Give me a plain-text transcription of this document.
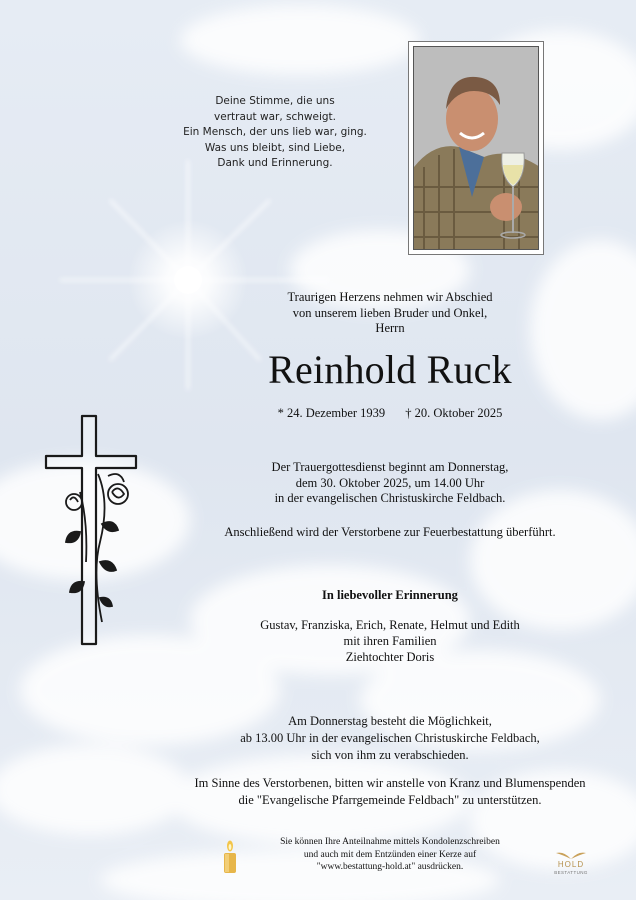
Deine Stimme, die uns
vertraut war, schweigt.
Ein Mensch, der uns lieb war, ging.
Was uns bleibt, sind Liebe,
Dank und Erinnerung.
Traurigen Herzens nehmen wir Abschied
von unserem lieben Bruder und Onkel,
Herrn
Reinhold Ruck
* 24. Dezember 1939 † 20. Oktober 2025
Der Trauergottesdienst beginnt am Donnerstag,
dem 30. Oktober 2025, um 14.00 Uhr
in der evangelischen Christuskirche Feldbach.
Anschließend wird der Verstorbene zur Feuerbestattung überführt.
In liebevoller Erinnerung
Gustav, Franziska, Erich, Renate, Helmut und Edith
mit ihren Familien
Ziehtochter Doris
Am Donnerstag besteht die Möglichkeit,
ab 13.00 Uhr in der evangelischen Christuskirche Feldbach,
sich von ihm zu verabschieden.
Im Sinne des Verstorbenen, bitten wir anstelle von Kranz und Blumenspenden
die "Evangelische Pfarrgemeinde Feldbach" zu unterstützen.
Sie können Ihre Anteilnahme mittels Kondolenzschreiben
und auch mit dem Entzünden einer Kerze auf
"www.bestattung-hold.at" ausdrücken.	HOLD
BESTATTUNG
